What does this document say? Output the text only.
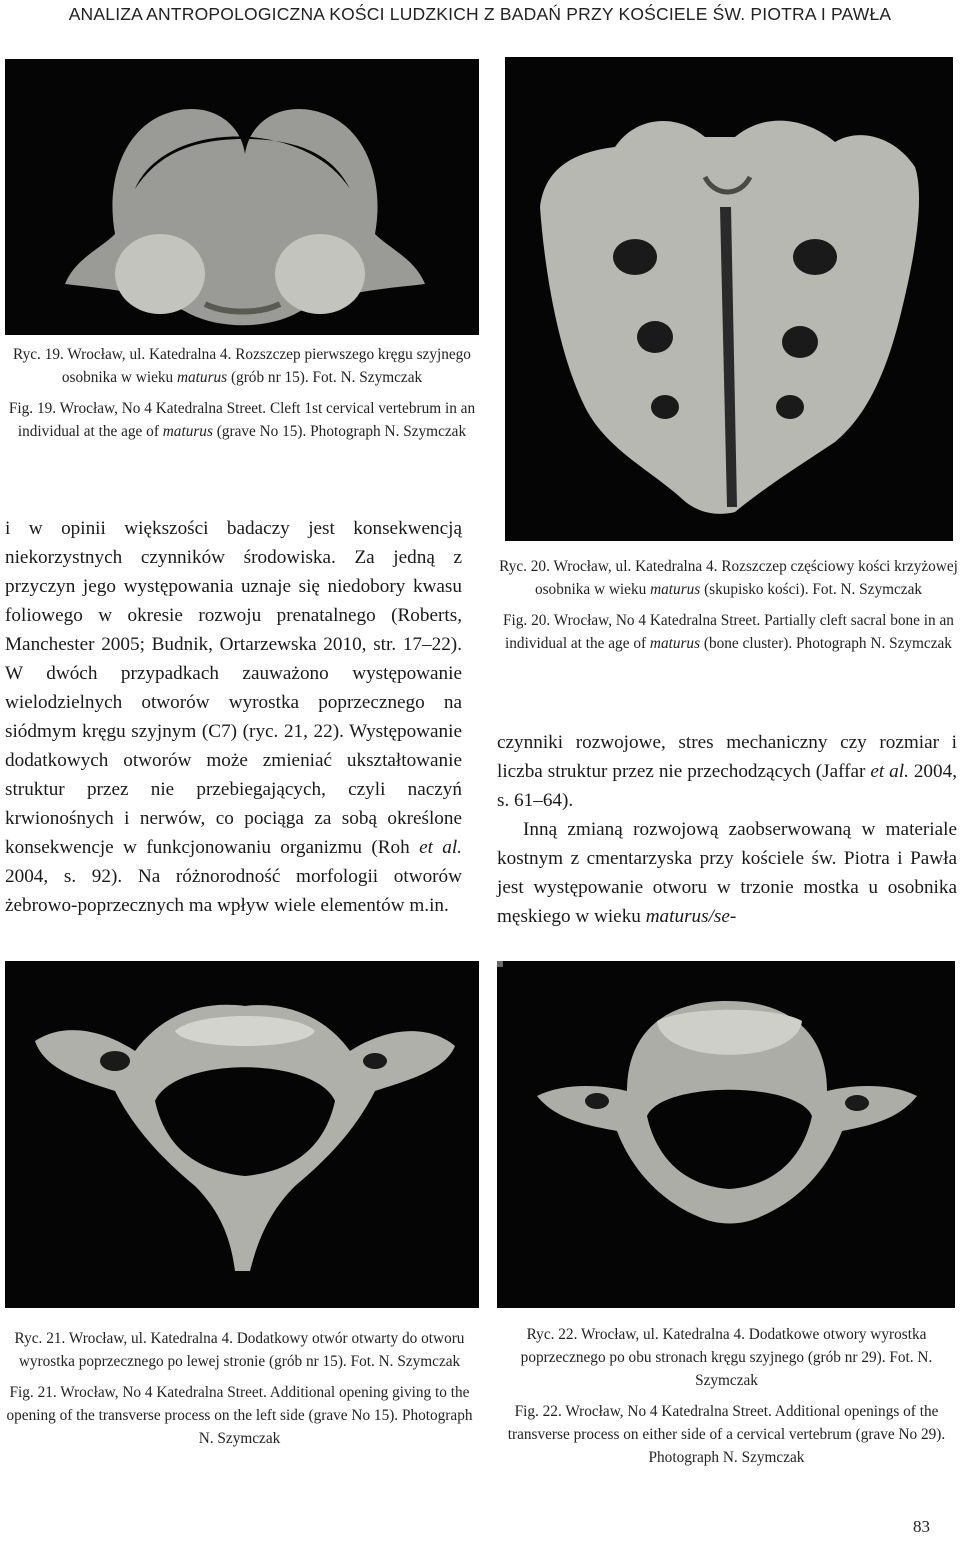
ANALIZA ANTROPOLOGICZNA KOŚCI LUDZKICH Z BADAŃ PRZY KOŚCIELE ŚW. PIOTRA I PAWŁA

Ryc. 19. Wrocław, ul. Katedralna 4. Rozszczep pierwszego kręgu szyjnego osobnika w wieku maturus (grób nr 15). Fot. N. Szymczak

Fig. 19. Wrocław, No 4 Katedralna Street. Cleft 1st cervical vertebrum in an individual at the age of maturus (grave No 15). Photograph N. Szymczak

Ryc. 20. Wrocław, ul. Katedralna 4. Rozszczep częściowy kości krzyżowej osobnika w wieku maturus (skupisko kości). Fot. N. Szymczak

Fig. 20. Wrocław, No 4 Katedralna Street. Partially cleft sacral bone in an individual at the age of maturus (bone cluster). Photograph N. Szymczak

i w opinii większości badaczy jest konsekwencją niekorzystnych czynników środowiska. Za jedną z przyczyn jego występowania uznaje się niedobory kwasu foliowego w okresie rozwoju prenatalnego (Roberts, Manchester 2005; Budnik, Ortarzewska 2010, str. 17–22). W dwóch przypadkach zauważono występowanie wielodzielnych otworów wyrostka poprzecznego na siódmym kręgu szyjnym (C7) (ryc. 21, 22). Występowanie dodatkowych otworów może zmieniać ukształtowanie struktur przez nie przebiegających, czyli naczyń krwionośnych i nerwów, co pociąga za sobą określone konsekwencje w funkcjonowaniu organizmu (Roh et al. 2004, s. 92). Na różnorodność morfologii otworów żebrowo-poprzecznych ma wpływ wiele elementów m.in.

czynniki rozwojowe, stres mechaniczny czy rozmiar i liczba struktur przez nie przechodzących (Jaffar et al. 2004, s. 61–64).

Inną zmianą rozwojową zaobserwowaną w materiale kostnym z cmentarzyska przy kościele św. Piotra i Pawła jest występowanie otworu w trzonie mostka u osobnika męskiego w wieku maturus/se-

Ryc. 21. Wrocław, ul. Katedralna 4. Dodatkowy otwór otwarty do otworu wyrostka poprzecznego po lewej stronie (grób nr 15). Fot. N. Szymczak

Fig. 21. Wrocław, No 4 Katedralna Street. Additional opening giving to the opening of the transverse process on the left side (grave No 15). Photograph N. Szymczak

Ryc. 22. Wrocław, ul. Katedralna 4. Dodatkowe otwory wyrostka poprzecznego po obu stronach kręgu szyjnego (grób nr 29). Fot. N. Szymczak

Fig. 22. Wrocław, No 4 Katedralna Street. Additional openings of the transverse process on either side of a cervical vertebrum (grave No 29). Photograph N. Szymczak

83
